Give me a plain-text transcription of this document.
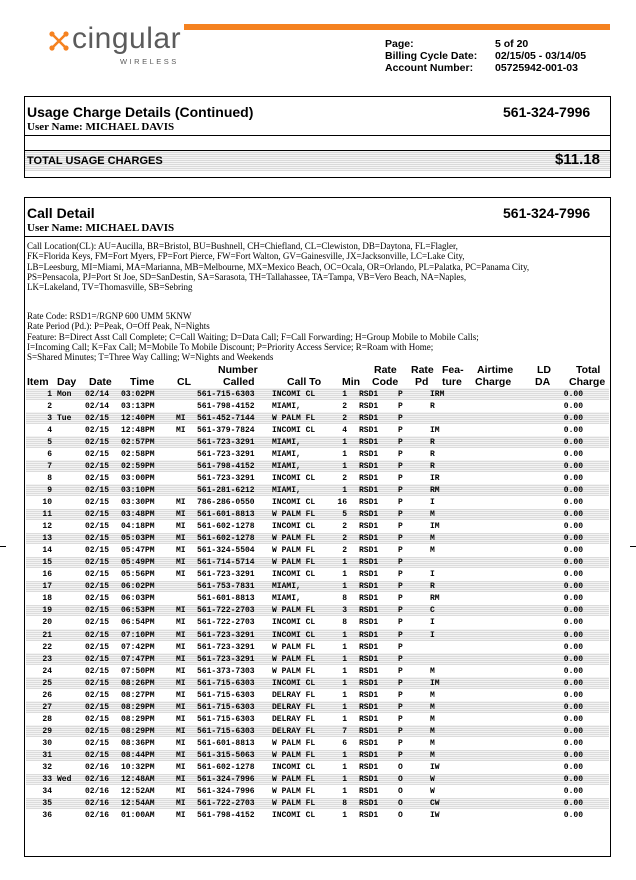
cingular
WIRELESS
Page:
Billing Cycle Date:
Account Number:
5 of 20
02/15/05 - 03/14/05
05725942-001-03
Usage Charge Details (Continued)	561-324-7996
User Name: MICHAEL DAVIS
TOTAL USAGE CHARGES	$11.18
Call Detail	561-324-7996
User Name: MICHAEL DAVIS
Call Location(CL): AU=Aucilla, BR=Bristol, BU=Bushnell, CH=Chiefland, CL=Clewiston, DB=Daytona, FL=Flagler,
FK=Florida Keys, FM=Fort Myers, FP=Fort Pierce, FW=Fort Walton, GV=Gainesville, JX=Jacksonville, LC=Lake City,
LB=Leesburg, MI=Miami, MA=Marianna, MB=Melbourne, MX=Mexico Beach, OC=Ocala, OR=Orlando, PL=Palatka, PC=Panama City,
PS=Pensacola, PJ=Port St Joe, SD=SanDestin, SA=Sarasota, TH=Tallahassee, TA=Tampa, VB=Vero Beach, NA=Naples,
LK=Lakeland, TV=Thomasville, SB=Sebring
Rate Code: RSD1=/RGNP 600 UMM 5KNW
Rate Period (Pd.): P=Peak, O=Off Peak, N=Nights
Feature: B=Direct Asst Call Complete; C=Call Waiting; D=Data Call; F=Call Forwarding; H=Group Mobile to Mobile Calls;
I=Incoming Call; K=Fax Call; M=Mobile To Mobile Discount; P=Priority Access Service; R=Roam with Home;
S=Shared Minutes; T=Three Way Calling; W=Nights and Weekends
Item Day Date Time CL
Number
Called	Call To Min
Rate
Code
Rate
Pd
Fea-
ture
Airtime
Charge
LD
DA
Total
Charge
1 Mon 02/14 03:02PM	561-715-6303 INCOMI CL	1 RSD1 P	IRM	0.00
2	02/14 03:13PM	561-798-4152 MIAMI,	2 RSD1 P	R	0.00
3 Tue 02/15 12:40PM	MI 561-452-7144 W PALM FL	2 RSD1 P	0.00
4	02/15 12:48PM	MI 561-379-7824 INCOMI CL	4 RSD1 P	IM	0.00
5	02/15 02:57PM	561-723-3291 MIAMI,	1 RSD1 P	R	0.00
6	02/15 02:58PM	561-723-3291 MIAMI,	1 RSD1 P	R	0.00
7	02/15 02:59PM	561-798-4152 MIAMI,	1 RSD1 P	R	0.00
8	02/15 03:00PM	561-723-3291 INCOMI CL	2 RSD1 P	IR	0.00
9	02/15 03:10PM	561-281-6212 MIAMI,	1 RSD1 P	RM	0.00
10	02/15 03:30PM	MI 786-286-0550 INCOMI CL	16 RSD1 P	I	0.00
11	02/15 03:48PM	MI 561-601-8813 W PALM FL	5 RSD1 P	M	0.00
12	02/15 04:18PM	MI 561-602-1278 INCOMI CL	2 RSD1 P	IM	0.00
13	02/15 05:03PM	MI 561-602-1278 W PALM FL	2 RSD1 P	M	0.00
14	02/15 05:47PM	MI 561-324-5504 W PALM FL	2 RSD1 P	M	0.00
15	02/15 05:49PM	MI 561-714-5714 W PALM FL	1 RSD1 P	0.00
16	02/15 05:56PM	MI 561-723-3291 INCOMI CL	1 RSD1 P	I	0.00
17	02/15 06:02PM	561-753-7831 MIAMI,	1 RSD1 P	R	0.00
18	02/15 06:03PM	561-601-8813 MIAMI,	8 RSD1 P	RM	0.00
19	02/15 06:53PM	MI 561-722-2703 W PALM FL	3 RSD1 P	C	0.00
20	02/15 06:54PM	MI 561-722-2703 INCOMI CL	8 RSD1 P	I	0.00
21	02/15 07:10PM	MI 561-723-3291 INCOMI CL	1 RSD1 P	I	0.00
22	02/15 07:42PM	MI 561-723-3291 W PALM FL	1 RSD1 P	0.00
23	02/15 07:47PM	MI 561-723-3291 W PALM FL	1 RSD1 P	0.00
24	02/15 07:50PM	MI 561-373-7303 W PALM FL	1 RSD1 P	M	0.00
25	02/15 08:26PM	MI 561-715-6303 INCOMI CL	1 RSD1 P	IM	0.00
26	02/15 08:27PM	MI 561-715-6303 DELRAY FL	1 RSD1 P	M	0.00
27	02/15 08:29PM	MI 561-715-6303 DELRAY FL	1 RSD1 P	M	0.00
28	02/15 08:29PM	MI 561-715-6303 DELRAY FL	1 RSD1 P	M	0.00
29	02/15 08:29PM	MI 561-715-6303 DELRAY FL	7 RSD1 P	M	0.00
30	02/15 08:36PM	MI 561-601-8813 W PALM FL	6 RSD1 P	M	0.00
31	02/15 08:44PM	MI 561-315-5063 W PALM FL	1 RSD1 P	M	0.00
32	02/16 10:32PM	MI 561-602-1278 INCOMI CL	1 RSD1 O	IW	0.00
33 Wed 02/16 12:48AM	MI 561-324-7996 W PALM FL	1 RSD1 O	W	0.00
34	02/16 12:52AM	MI 561-324-7996 W PALM FL	1 RSD1 O	W	0.00
35	02/16 12:54AM	MI 561-722-2703 W PALM FL	8 RSD1 O	CW	0.00
36	02/16 01:00AM	MI 561-798-4152 INCOMI CL	1 RSD1 O	IW	0.00
